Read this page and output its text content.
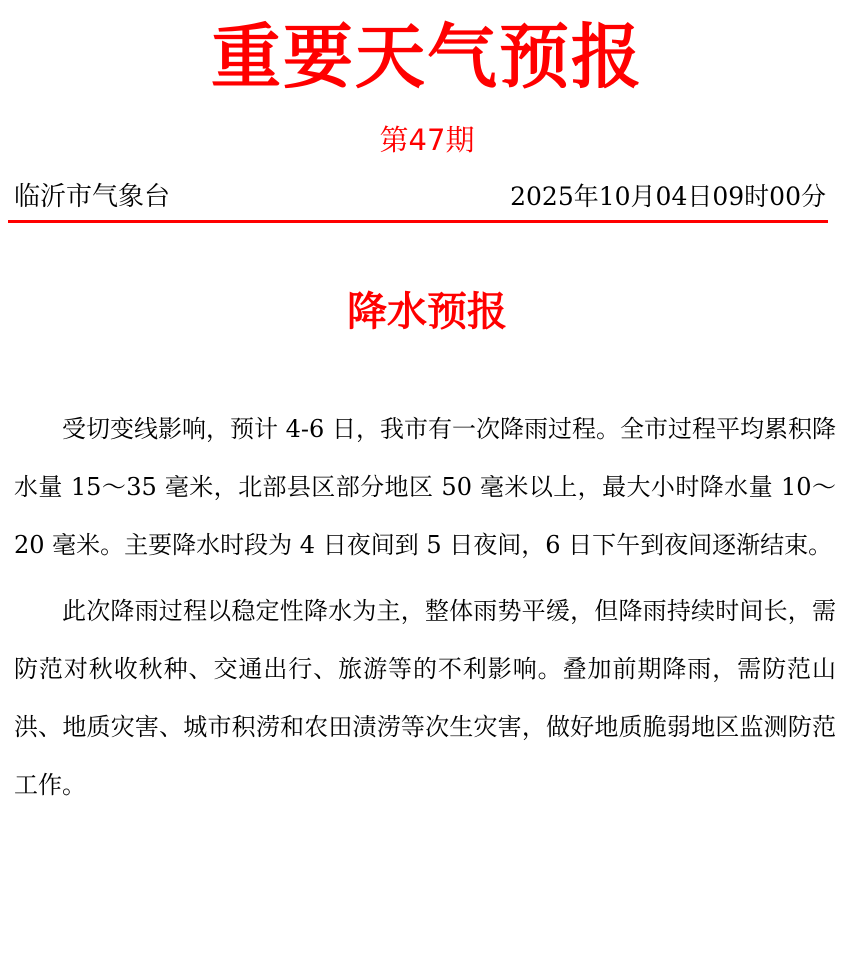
重要天气预报
第47期
临沂市气象台	2025年10月04日09时00分
降水预报

受切变线影响，预计 4-6 日，我市有一次降雨过程。全市过程平均累积降水量 15～35 毫米，北部县区部分地区 50 毫米以上，最大小时降水量 10～20 毫米。主要降水时段为 4 日夜间到 5 日夜间，6 日下午到夜间逐渐结束。

此次降雨过程以稳定性降水为主，整体雨势平缓，但降雨持续时间长，需防范对秋收秋种、交通出行、旅游等的不利影响。叠加前期降雨，需防范山洪、地质灾害、城市积涝和农田渍涝等次生灾害，做好地质脆弱地区监测防范工作。
